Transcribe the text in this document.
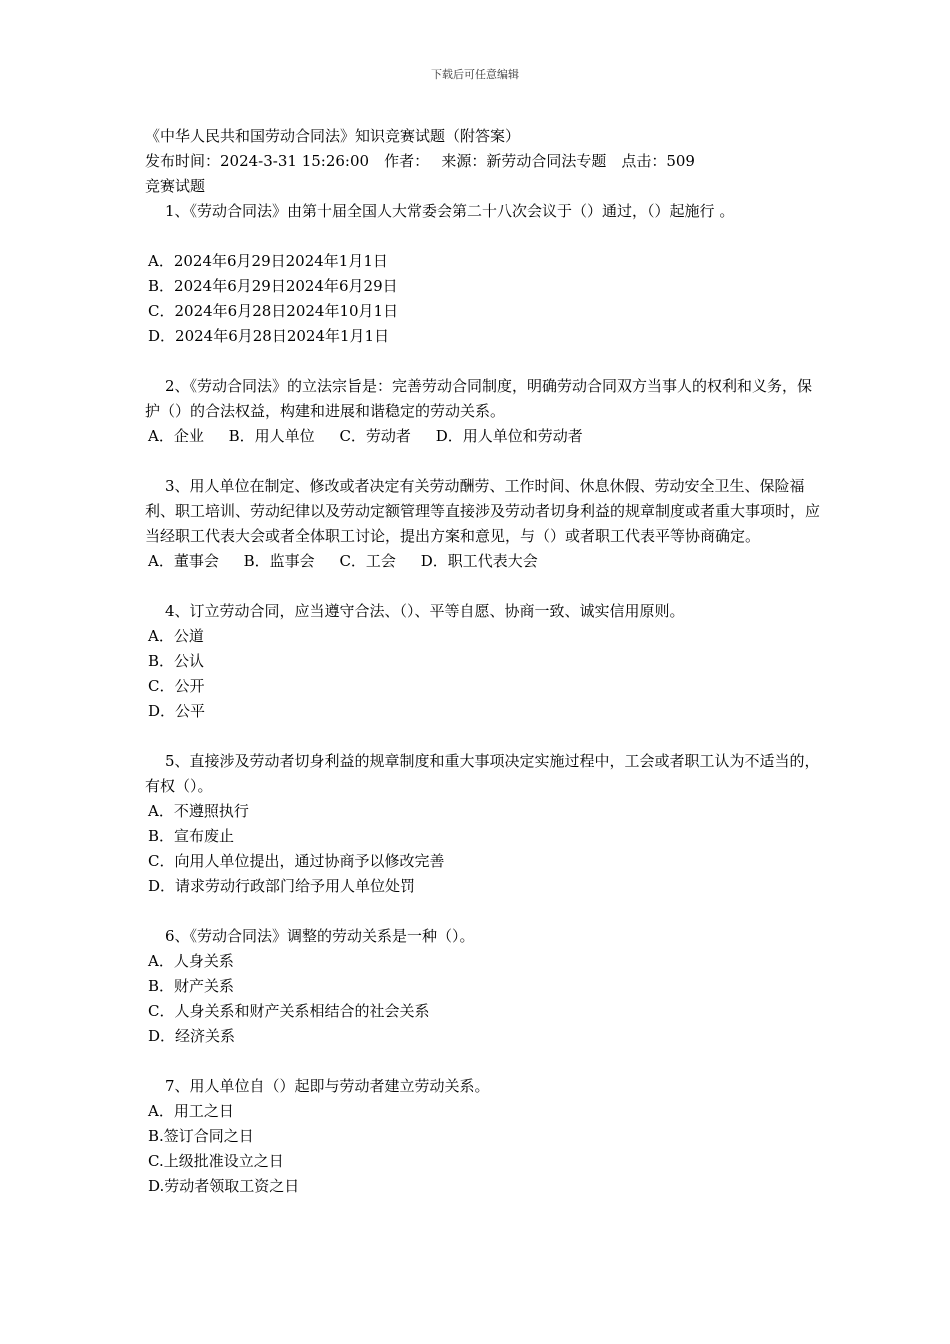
下载后可任意编辑
《中华人民共和国劳动合同法》知识竞赛试题（附答案）
发布时间：2024-3-31 15:26:00　作者：　 来源：新劳动合同法专题　点击：509
竞赛试题
1、《劳动合同法》由第十届全国人大常委会第二十八次会议于（）通过，（）起施行 。
A．2024年6月29日2024年1月1日
B．2024年6月29日2024年6月29日
C．2024年6月28日2024年10月1日
D．2024年6月28日2024年1月1日
2、《劳动合同法》的立法宗旨是：完善劳动合同制度，明确劳动合同双方当事人的权利和义务，保护（）的合法权益，构建和进展和谐稳定的劳动关系。
A．企业 B．用人单位 C．劳动者 D．用人单位和劳动者
3、用人单位在制定、修改或者决定有关劳动酬劳、工作时间、休息休假、劳动安全卫生、保险福利、职工培训、劳动纪律以及劳动定额管理等直接涉及劳动者切身利益的规章制度或者重大事项时，应当经职工代表大会或者全体职工讨论，提出方案和意见，与（）或者职工代表平等协商确定。
A．董事会 B．监事会 C．工会 D．职工代表大会
4、订立劳动合同，应当遵守合法、（）、平等自愿、协商一致、诚实信用原则。
A．公道
B．公认
C．公开
D．公平
5、直接涉及劳动者切身利益的规章制度和重大事项决定实施过程中，工会或者职工认为不适当的，有权（）。
A．不遵照执行
B．宣布废止
C．向用人单位提出，通过协商予以修改完善
D．请求劳动行政部门给予用人单位处罚
6、《劳动合同法》调整的劳动关系是一种（）。
A．人身关系
B．财产关系
C．人身关系和财产关系相结合的社会关系
D．经济关系
7、用人单位自（）起即与劳动者建立劳动关系。
A．用工之日
B.签订合同之日
C.上级批准设立之日
D.劳动者领取工资之日
